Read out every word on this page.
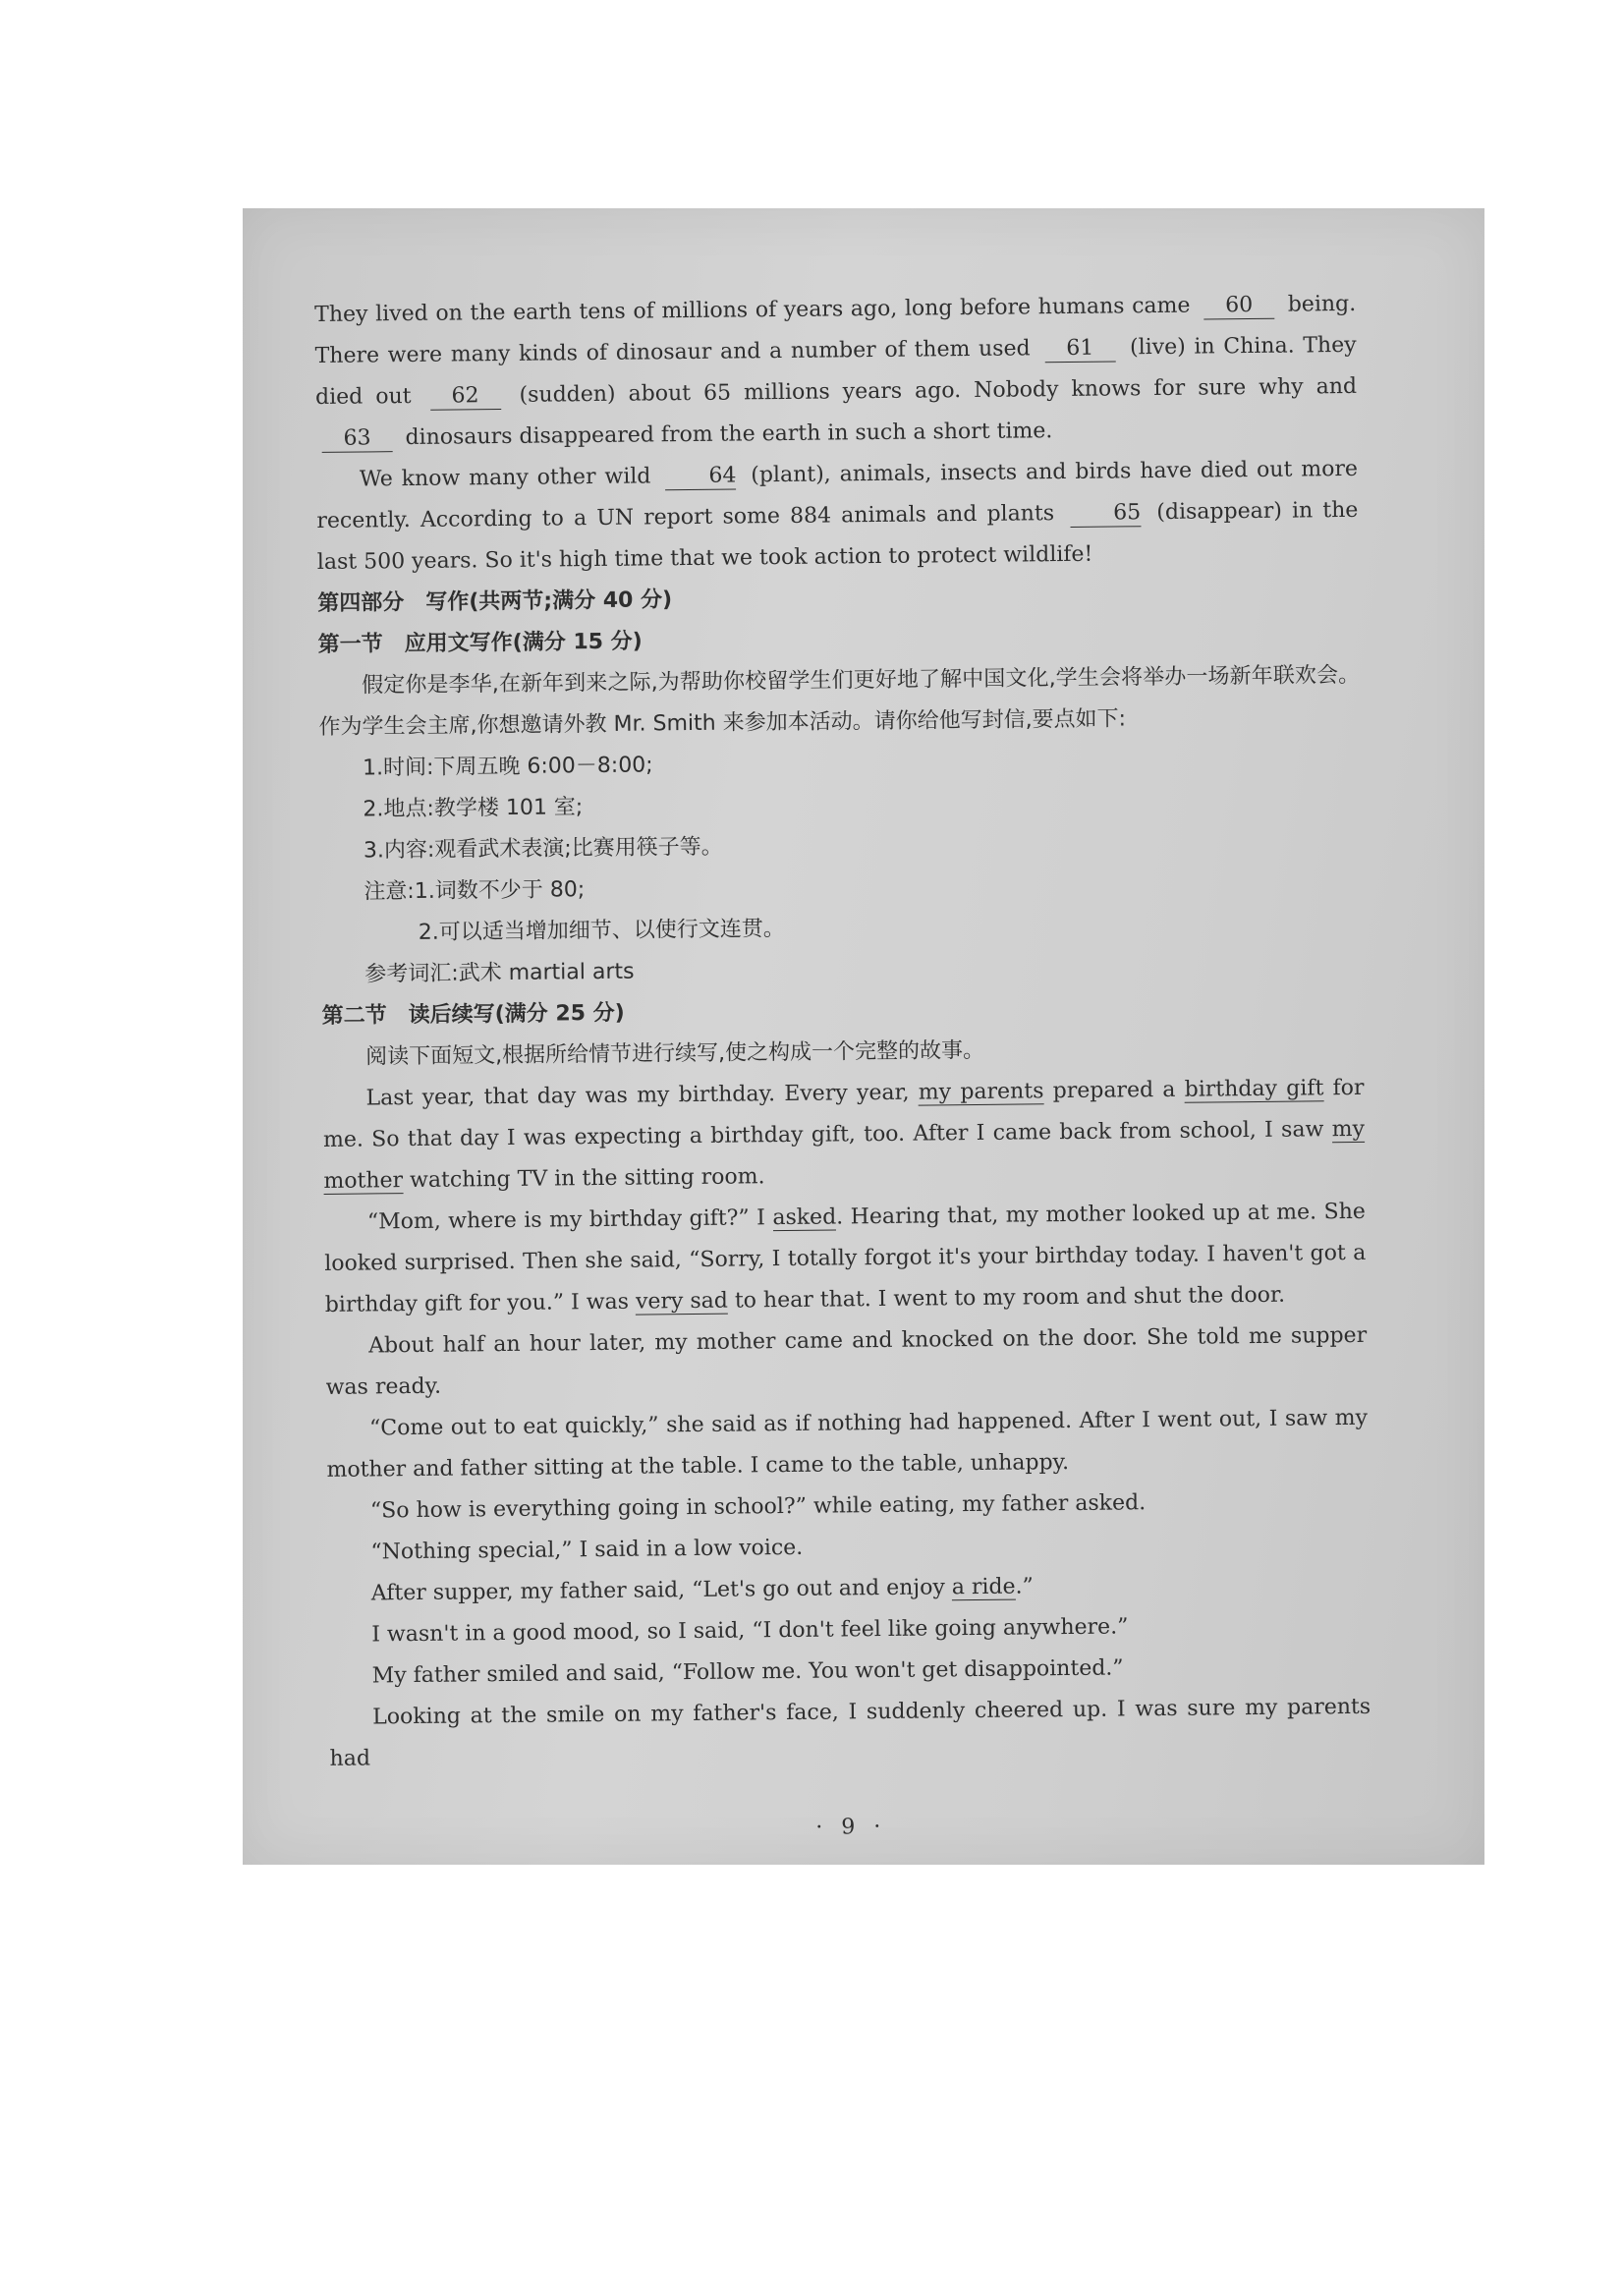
They lived on the earth tens of millions of years ago, long before humans came 60 being. There were many kinds of dinosaur and a number of them used 61 (live) in China. They died out 62 (sudden) about 65 millions years ago. Nobody knows for sure why and 63 dinosaurs disappeared from the earth in such a short time.

We know many other wild	64 (plant), animals, insects and birds have died out more recently. According to a UN report some 884 animals and plants	65 (disappear) in the last 500 years. So it's high time that we took action to protect wildlife!

第四部分　写作(共两节;满分 40 分)

第一节　应用文写作(满分 15 分)

假定你是李华,在新年到来之际,为帮助你校留学生们更好地了解中国文化,学生会将举办一场新年联欢会。作为学生会主席,你想邀请外教 Mr. Smith 来参加本活动。请你给他写封信,要点如下:

1.时间:下周五晚 6:00－8:00;

2.地点:教学楼 101 室;

3.内容:观看武术表演;比赛用筷子等。

注意:1.词数不少于 80;

2.可以适当增加细节、以使行文连贯。

参考词汇:武术 martial arts

第二节　读后续写(满分 25 分)

阅读下面短文,根据所给情节进行续写,使之构成一个完整的故事。

Last year, that day was my birthday. Every year, my parents prepared a birthday gift for me. So that day I was expecting a birthday gift, too. After I came back from school, I saw my mother watching TV in the sitting room.

“Mom, where is my birthday gift?” I asked. Hearing that, my mother looked up at me. She looked surprised. Then she said, “Sorry, I totally forgot it's your birthday today. I haven't got a birthday gift for you.” I was very sad to hear that. I went to my room and shut the door.

About half an hour later, my mother came and knocked on the door. She told me supper was ready.

“Come out to eat quickly,” she said as if nothing had happened. After I went out, I saw my mother and father sitting at the table. I came to the table, unhappy.

“So how is everything going in school?” while eating, my father asked.

“Nothing special,” I said in a low voice.

After supper, my father said, “Let's go out and enjoy a ride.”

I wasn't in a good mood, so I said, “I don't feel like going anywhere.”

My father smiled and said, “Follow me. You won't get disappointed.”

Looking at the smile on my father's face, I suddenly cheered up. I was sure my parents had

· 9 ·
